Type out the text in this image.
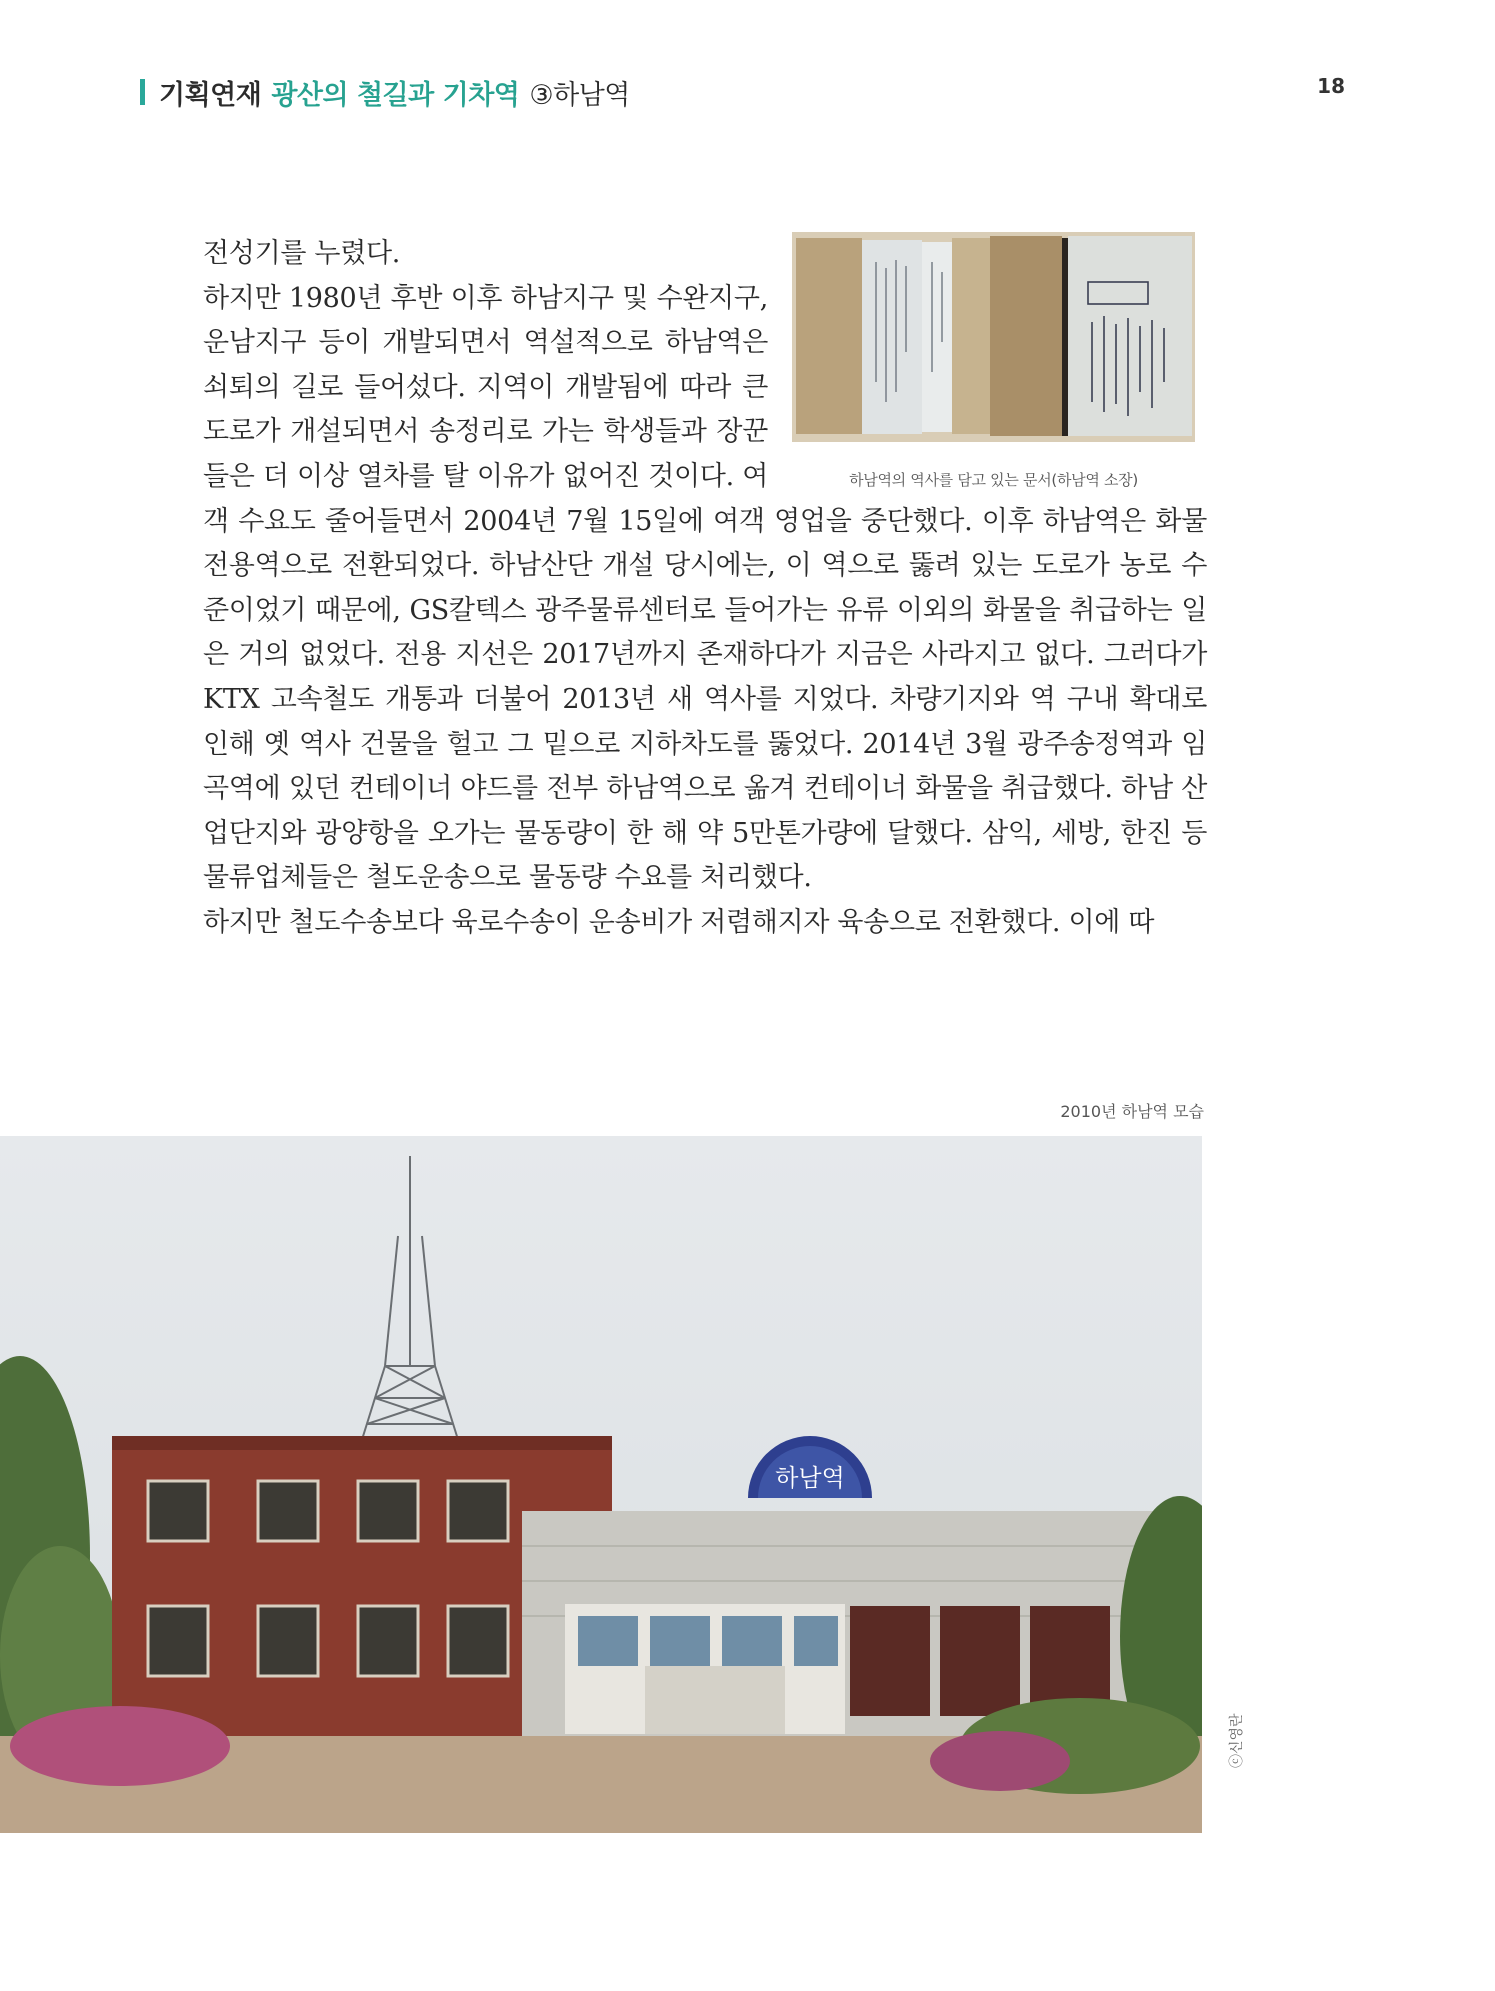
기획연재 광산의 철길과 기차역 ③하남역	18
하남역의 역사를 담고 있는 문서(하남역 소장)

전성기를 누렸다.

하지만 1980년 후반 이후 하남지구 및 수완지구, 운남지구 등이 개발되면서 역설적으로 하남역은 쇠퇴의 길로 들어섰다. 지역이 개발됨에 따라 큰 도로가 개설되면서 송정리로 가는 학생들과 장꾼들은 더 이상 열차를 탈 이유가 없어진 것이다. 여객 수요도 줄어들면서 2004년 7월 15일에 여객 영업을 중단했다. 이후 하남역은 화물 전용역으로 전환되었다. 하남산단 개설 당시에는, 이 역으로 뚫려 있는 도로가 농로 수준이었기 때문에, GS칼텍스 광주물류센터로 들어가는 유류 이외의 화물을 취급하는 일은 거의 없었다. 전용 지선은 2017년까지 존재하다가 지금은 사라지고 없다. 그러다가 KTX 고속철도 개통과 더불어 2013년 새 역사를 지었다. 차량기지와 역 구내 확대로 인해 옛 역사 건물을 헐고 그 밑으로 지하차도를 뚫었다. 2014년 3월 광주송정역과 임곡역에 있던 컨테이너 야드를 전부 하남역으로 옮겨 컨테이너 화물을 취급했다. 하남 산업단지와 광양항을 오가는 물동량이 한 해 약 5만톤가량에 달했다. 삼익, 세방, 한진 등 물류업체들은 철도운송으로 물동량 수요를 처리했다.

하지만 철도수송보다 육로수송이 운송비가 저렴해지자 육송으로 전환했다. 이에 따

2010년 하남역 모습
하남역
ⓒ신영란
